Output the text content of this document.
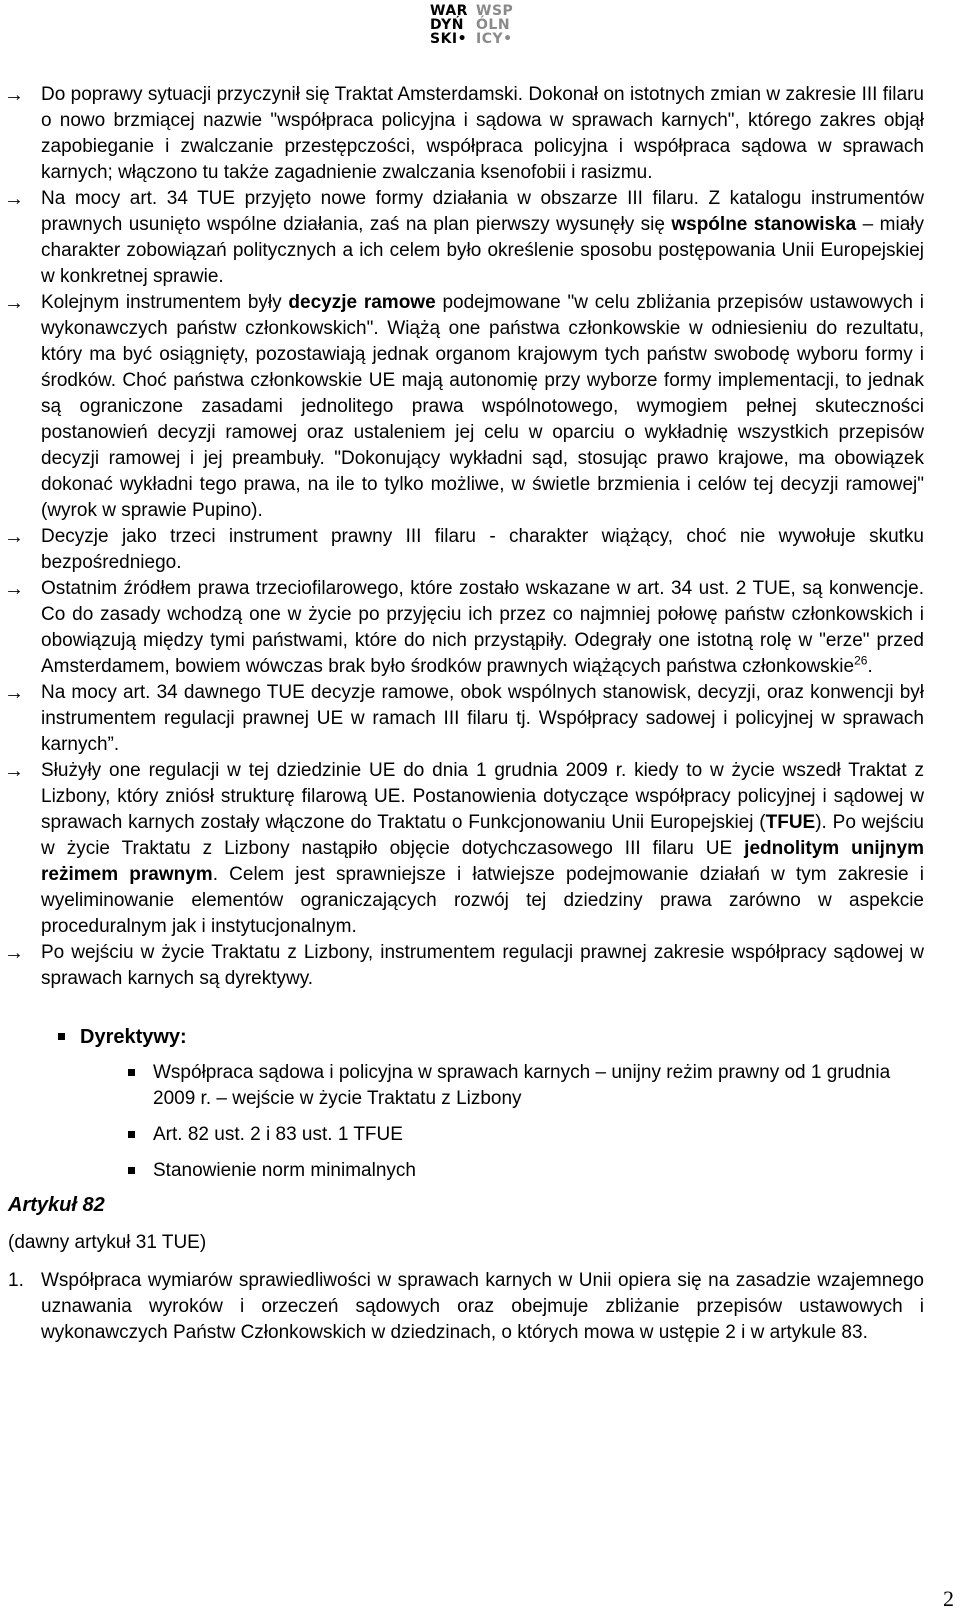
WAR WSP
DYŃ ÓLN
SKI• ICY•
→ Do poprawy sytuacji przyczynił się Traktat Amsterdamski. Dokonał on istotnych zmian w zakresie III filaru o nowo brzmiącej nazwie "współpraca policyjna i sądowa w sprawach karnych", którego zakres objął zapobieganie i zwalczanie przestępczości, współpraca policyjna i współpraca sądowa w sprawach karnych; włączono tu także zagadnienie zwalczania ksenofobii i rasizmu.
→ Na mocy art. 34 TUE przyjęto nowe formy działania w obszarze III filaru. Z katalogu instrumentów prawnych usunięto wspólne działania, zaś na plan pierwszy wysunęły się wspólne stanowiska – miały charakter zobowiązań politycznych a ich celem było określenie sposobu postępowania Unii Europejskiej w konkretnej sprawie.
→ Kolejnym instrumentem były decyzje ramowe podejmowane "w celu zbliżania przepisów ustawowych i wykonawczych państw członkowskich". Wiążą one państwa członkowskie w odniesieniu do rezultatu, który ma być osiągnięty, pozostawiają jednak organom krajowym tych państw swobodę wyboru formy i środków. Choć państwa członkowskie UE mają autonomię przy wyborze formy implementacji, to jednak są ograniczone zasadami jednolitego prawa wspólnotowego, wymogiem pełnej skuteczności postanowień decyzji ramowej oraz ustaleniem jej celu w oparciu o wykładnię wszystkich przepisów decyzji ramowej i jej preambuły. "Dokonujący wykładni sąd, stosując prawo krajowe, ma obowiązek dokonać wykładni tego prawa, na ile to tylko możliwe, w świetle brzmienia i celów tej decyzji ramowej" (wyrok w sprawie Pupino).
→ Decyzje jako trzeci instrument prawny III filaru - charakter wiążący, choć nie wywołuje skutku bezpośredniego.
→ Ostatnim źródłem prawa trzeciofilarowego, które zostało wskazane w art. 34 ust. 2 TUE, są konwencje. Co do zasady wchodzą one w życie po przyjęciu ich przez co najmniej połowę państw członkowskich i obowiązują między tymi państwami, które do nich przystąpiły. Odegrały one istotną rolę w "erze" przed Amsterdamem, bowiem wówczas brak było środków prawnych wiążących państwa członkowskie$^{26}$.
→ Na mocy art. 34 dawnego TUE decyzje ramowe, obok wspólnych stanowisk, decyzji, oraz konwencji był instrumentem regulacji prawnej UE w ramach III filaru tj. Współpracy sadowej i policyjnej w sprawach karnych”.
→ Służyły one regulacji w tej dziedzinie UE do dnia 1 grudnia 2009 r. kiedy to w życie wszedł Traktat z Lizbony, który zniósł strukturę filarową UE. Postanowienia dotyczące współpracy policyjnej i sądowej w sprawach karnych zostały włączone do Traktatu o Funkcjonowaniu Unii Europejskiej (TFUE). Po wejściu w życie Traktatu z Lizbony nastąpiło objęcie dotychczasowego III filaru UE jednolitym unijnym reżimem prawnym. Celem jest sprawniejsze i łatwiejsze podejmowanie działań w tym zakresie i wyeliminowanie elementów ograniczających rozwój tej dziedziny prawa zarówno w aspekcie proceduralnym jak i instytucjonalnym.
→ Po wejściu w życie Traktatu z Lizbony, instrumentem regulacji prawnej zakresie współpracy sądowej w sprawach karnych są dyrektywy.
Dyrektywy:
Współpraca sądowa i policyjna w sprawach karnych – unijny reżim prawny od 1 grudnia 2009 r. – wejście w życie Traktatu z Lizbony
Art. 82 ust. 2 i 83 ust. 1 TFUE
Stanowienie norm minimalnych
Artykuł 82
(dawny artykuł 31 TUE)
1. Współpraca wymiarów sprawiedliwości w sprawach karnych w Unii opiera się na zasadzie wzajemnego uznawania wyroków i orzeczeń sądowych oraz obejmuje zbliżanie przepisów ustawowych i wykonawczych Państw Członkowskich w dziedzinach, o których mowa w ustępie 2 i w artykule 83.
2
